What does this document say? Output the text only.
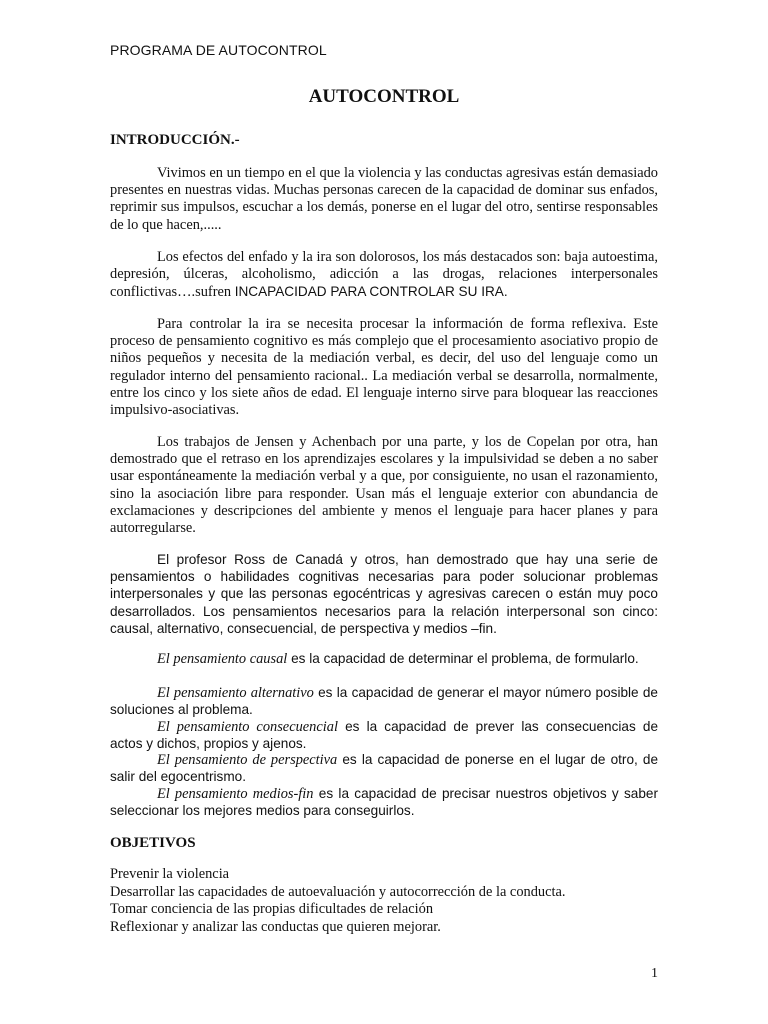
PROGRAMA DE AUTOCONTROL
AUTOCONTROL
INTRODUCCIÓN.-

Vivimos en un tiempo en el que la violencia y las conductas agresivas están demasiado presentes en nuestras vidas. Muchas personas carecen de la capacidad de dominar sus enfados, reprimir sus impulsos, escuchar a los demás, ponerse en el lugar del otro, sentirse responsables de lo que hacen,.....

Los efectos del enfado y la ira son dolorosos, los más destacados son: baja autoestima, depresión, úlceras, alcoholismo, adicción a las drogas, relaciones interpersonales conflictivas….sufren INCAPACIDAD PARA CONTROLAR SU IRA.

Para controlar la ira se necesita procesar la información de forma reflexiva. Este proceso de pensamiento cognitivo es más complejo que el procesamiento asociativo propio de niños pequeños y necesita de la mediación verbal, es decir, del uso del lenguaje como un regulador interno del pensamiento racional.. La mediación verbal se desarrolla, normalmente, entre los cinco y los siete años de edad. El lenguaje interno sirve para bloquear las reacciones impulsivo-asociativas.

Los trabajos de Jensen y Achenbach por una parte, y los de Copelan por otra, han demostrado que el retraso en los aprendizajes escolares y la impulsividad se deben a no saber usar espontáneamente la mediación verbal y a que, por consiguiente, no usan el razonamiento, sino la asociación libre para responder. Usan más el lenguaje exterior con abundancia de exclamaciones y descripciones del ambiente y menos el lenguaje para hacer planes y para autorregularse.

El profesor Ross de Canadá y otros, han demostrado que hay una serie de pensamientos o habilidades cognitivas necesarias para poder solucionar problemas interpersonales y que las personas egocéntricas y agresivas carecen o están muy poco desarrollados. Los pensamientos necesarios para la relación interpersonal son cinco: causal, alternativo, consecuencial, de perspectiva y medios –fin.

El pensamiento causal es la capacidad de determinar el problema, de formularlo.

El pensamiento alternativo es la capacidad de generar el mayor número posible de soluciones al problema.

El pensamiento consecuencial es la capacidad de prever las consecuencias de actos y dichos, propios y ajenos.

El pensamiento de perspectiva es la capacidad de ponerse en el lugar de otro, de salir del egocentrismo.

El pensamiento medios-fin es la capacidad de precisar nuestros objetivos y saber seleccionar los mejores medios para conseguirlos.

OBJETIVOS
Prevenir la violencia
Desarrollar las capacidades de autoevaluación y autocorrección de la conducta.
Tomar conciencia de las propias dificultades de relación
Reflexionar y analizar las conductas que quieren mejorar.
1
